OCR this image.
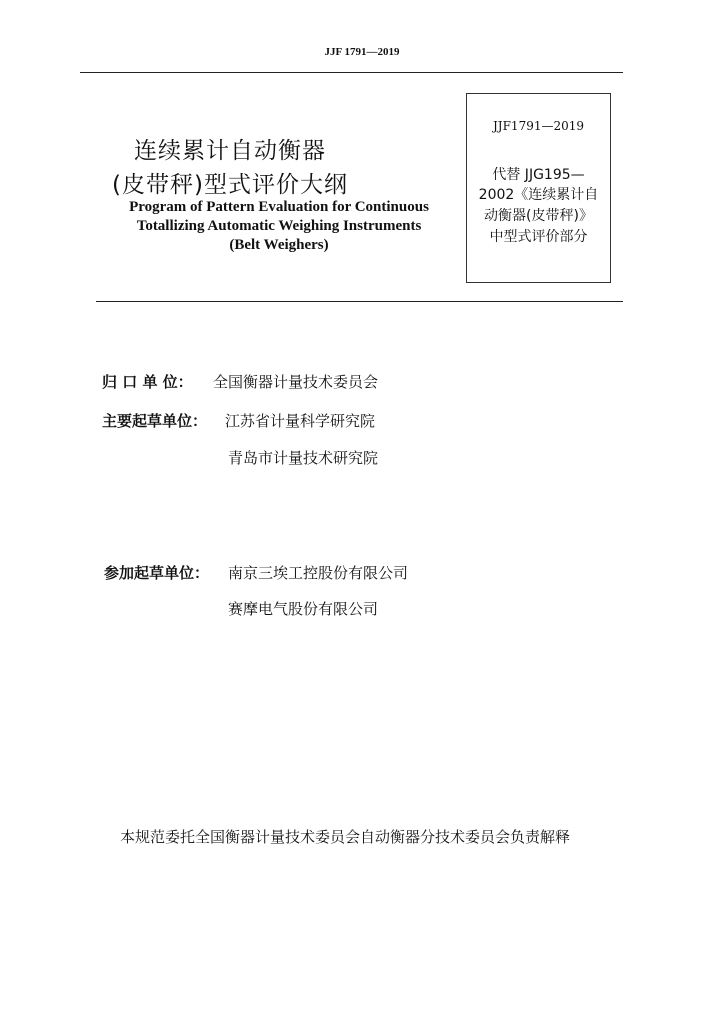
JJF 1791—2019
连续累计自动衡器
(皮带秤)型式评价大纲
Program of Pattern Evaluation for Continuous
Totallizing Automatic Weighing Instruments
(Belt Weighers)
JJF1791—2019
代替 JJG195—
2002《连续累计自
动衡器(皮带秤)》
中型式评价部分
归 口 单 位： 全国衡器计量技术委员会
主要起草单位： 江苏省计量科学研究院
青岛市计量技术研究院
参加起草单位： 南京三埃工控股份有限公司
赛摩电气股份有限公司
本规范委托全国衡器计量技术委员会自动衡器分技术委员会负责解释
